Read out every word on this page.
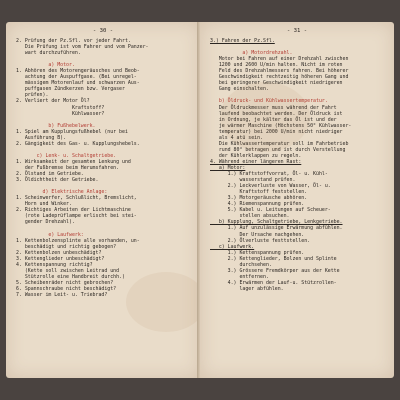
- 30 -
2. Prüfung der Pz.Sfl. vor jeder Fahrt.
Die Prüfung ist vom Fahrer und vom Panzer-
wart durchzuführen.

a) Motor.
1. Abhören des Motorengeräusches und Beob-
achtung der Auspuffgase. (Bei unregel-
mässigem Motorenlauf und schwarzen Aus-
puffgasen Zündkerzen bzw. Vergaser
prüfen).
2. Verliert der Motor Öl?
Kraftstoff?
Kühlwasser?

b) Fußhebelwerk.
1. Spiel am Kupplungsfußhebel (nur bei
Ausführung B).
2. Gängigkeit des Gas- u. Kupplungshebels.

c) Lenk- u. Schaltgetriebe.
1. Wirksamkeit der gesamten Lenkung und
der Fußbremse beim Herumsfahren.
2. Ölstand im Getriebe.
3. Öldichtheit der Getriebe.

d) Elektrische Anlage:
1. Scheinwerfer, Schlußlicht, Bremslicht,
Horn und Winker.
2. Richtiges Arbeiten der Lichtmaschine
(rote Ladeprüflampe erlischt bei stei-
gender Drehzahl).

e) Laufwerk:
1. Kettenbolzensplinte alle vorhanden, un-
beschädigt und richtig gebogen?
2. Kettenbolzen unbeschädigt?
3. Kettenglieder unbeschädigt?
4. Kettenspannung richtig?
(Kette soll zwischen Leitrad und
Stützrolle eine Handbreit durchh.)
5. Scheibenräder nicht gebrochen?
6. Spannschraube nicht beschädigt?
7. Wasser im Leit- u. Triebrad?
- 31 -
3.) Fahren der Pz.Sfl.

a) Motordrehzahl.
Motor bei Fahren auf einer Drehzahl zwischen
1200 und 2600 U/min halten. Nicht im roten
Feld des Drehzahlmessers fahren. Bei höherer
Geschwindigkeit rechtzeitig höheren Gang und
bei geringerer Geschwindigkeit niedrigeren
Gang einschalten.

b) Öldruck- und Kühlwassertemperatur.
Der Öldruckmesser muss während der Fahrt
laufend beobachtet werden. Der Öldruck ist
in Ordnung, je kälter das Öl ist und der
je wärmer Maschine (Höchstens 50° Kühlwasser-
temperatur) bei 2000 U/min nicht niedriger
als 4 atü sein.
Die Kühlwassertemperatur soll im Fahrbetrieb
rund 80° betragen und ist durch Verstellung
der Kühlerklappen zu regeln.
4. Während einer längeren Rast:
a) Motor:
1.) Kraftstoffvorrat, Öl- u. Kühl-
wasserstand prüfen.
2.) Leckverluste von Wasser, Öl- u.
Kraftstoff feststellen.
3.) Motorgeräusche abhören.
4.) Riemenspannung prüfen.
5.) Kabel u. Leitungen auf Scheuer-
stellen absuchen.
b) Kupplung, Schaltgetriebe, Lenkgetriebe.
1.) Auf unzulässige Erwärmung abfühlen.
Der Ursache nachgehen.
2.) Ölverluste festtstellen.
c) Laufwerk.
1.) Kettenspannung prüfen.
2.) Kettenglieder, Bolzen und Splinte
durchsehen.
3.) Grössere Fremdkörper aus der Kette
entfernen.
4.) Erwärmen der Lauf-u. Stützrollen-
lager abfühlen.
